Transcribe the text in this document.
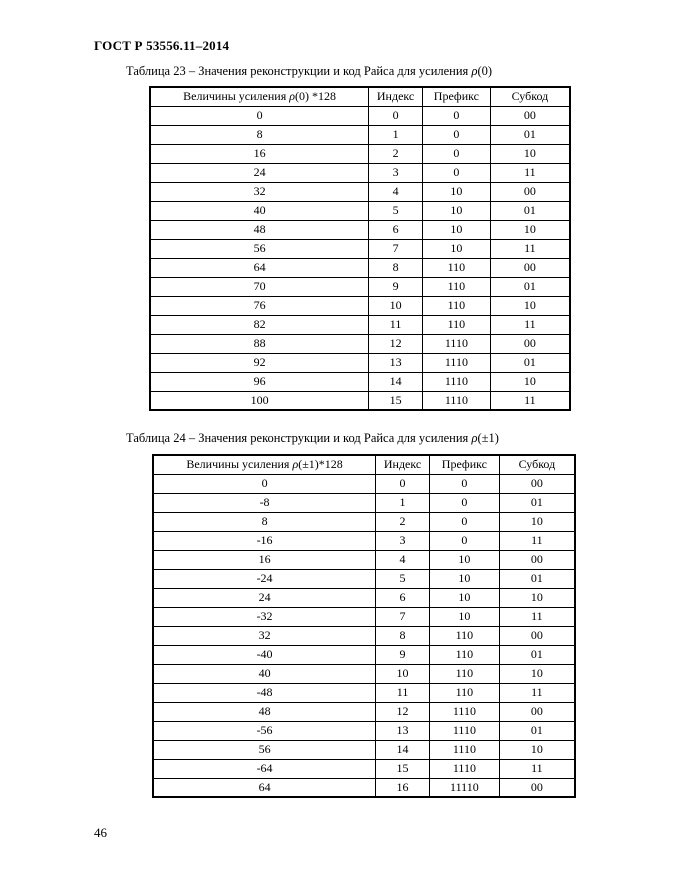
ГОСТ Р 53556.11–2014
Таблица 23 – Значения реконструкции и код Райса для усиления ρ(0)
Величины усиления ρ(0) *128	Индекс	Префикс	Субкод
0	0	0	00
8	1	0	01
16	2	0	10
24	3	0	11
32	4	10	00
40	5	10	01
48	6	10	10
56	7	10	11
64	8	110	00
70	9	110	01
76	10	110	10
82	11	110	11
88	12	1110	00
92	13	1110	01
96	14	1110	10
100	15	1110	11
Таблица 24 – Значения реконструкции и код Райса для усиления ρ(±1)
Величины усиления ρ(±1)*128	Индекс	Префикс	Субкод
0	0	0	00
-8	1	0	01
8	2	0	10
-16	3	0	11
16	4	10	00
-24	5	10	01
24	6	10	10
-32	7	10	11
32	8	110	00
-40	9	110	01
40	10	110	10
-48	11	110	11
48	12	1110	00
-56	13	1110	01
56	14	1110	10
-64	15	1110	11
64	16	11110	00
46
